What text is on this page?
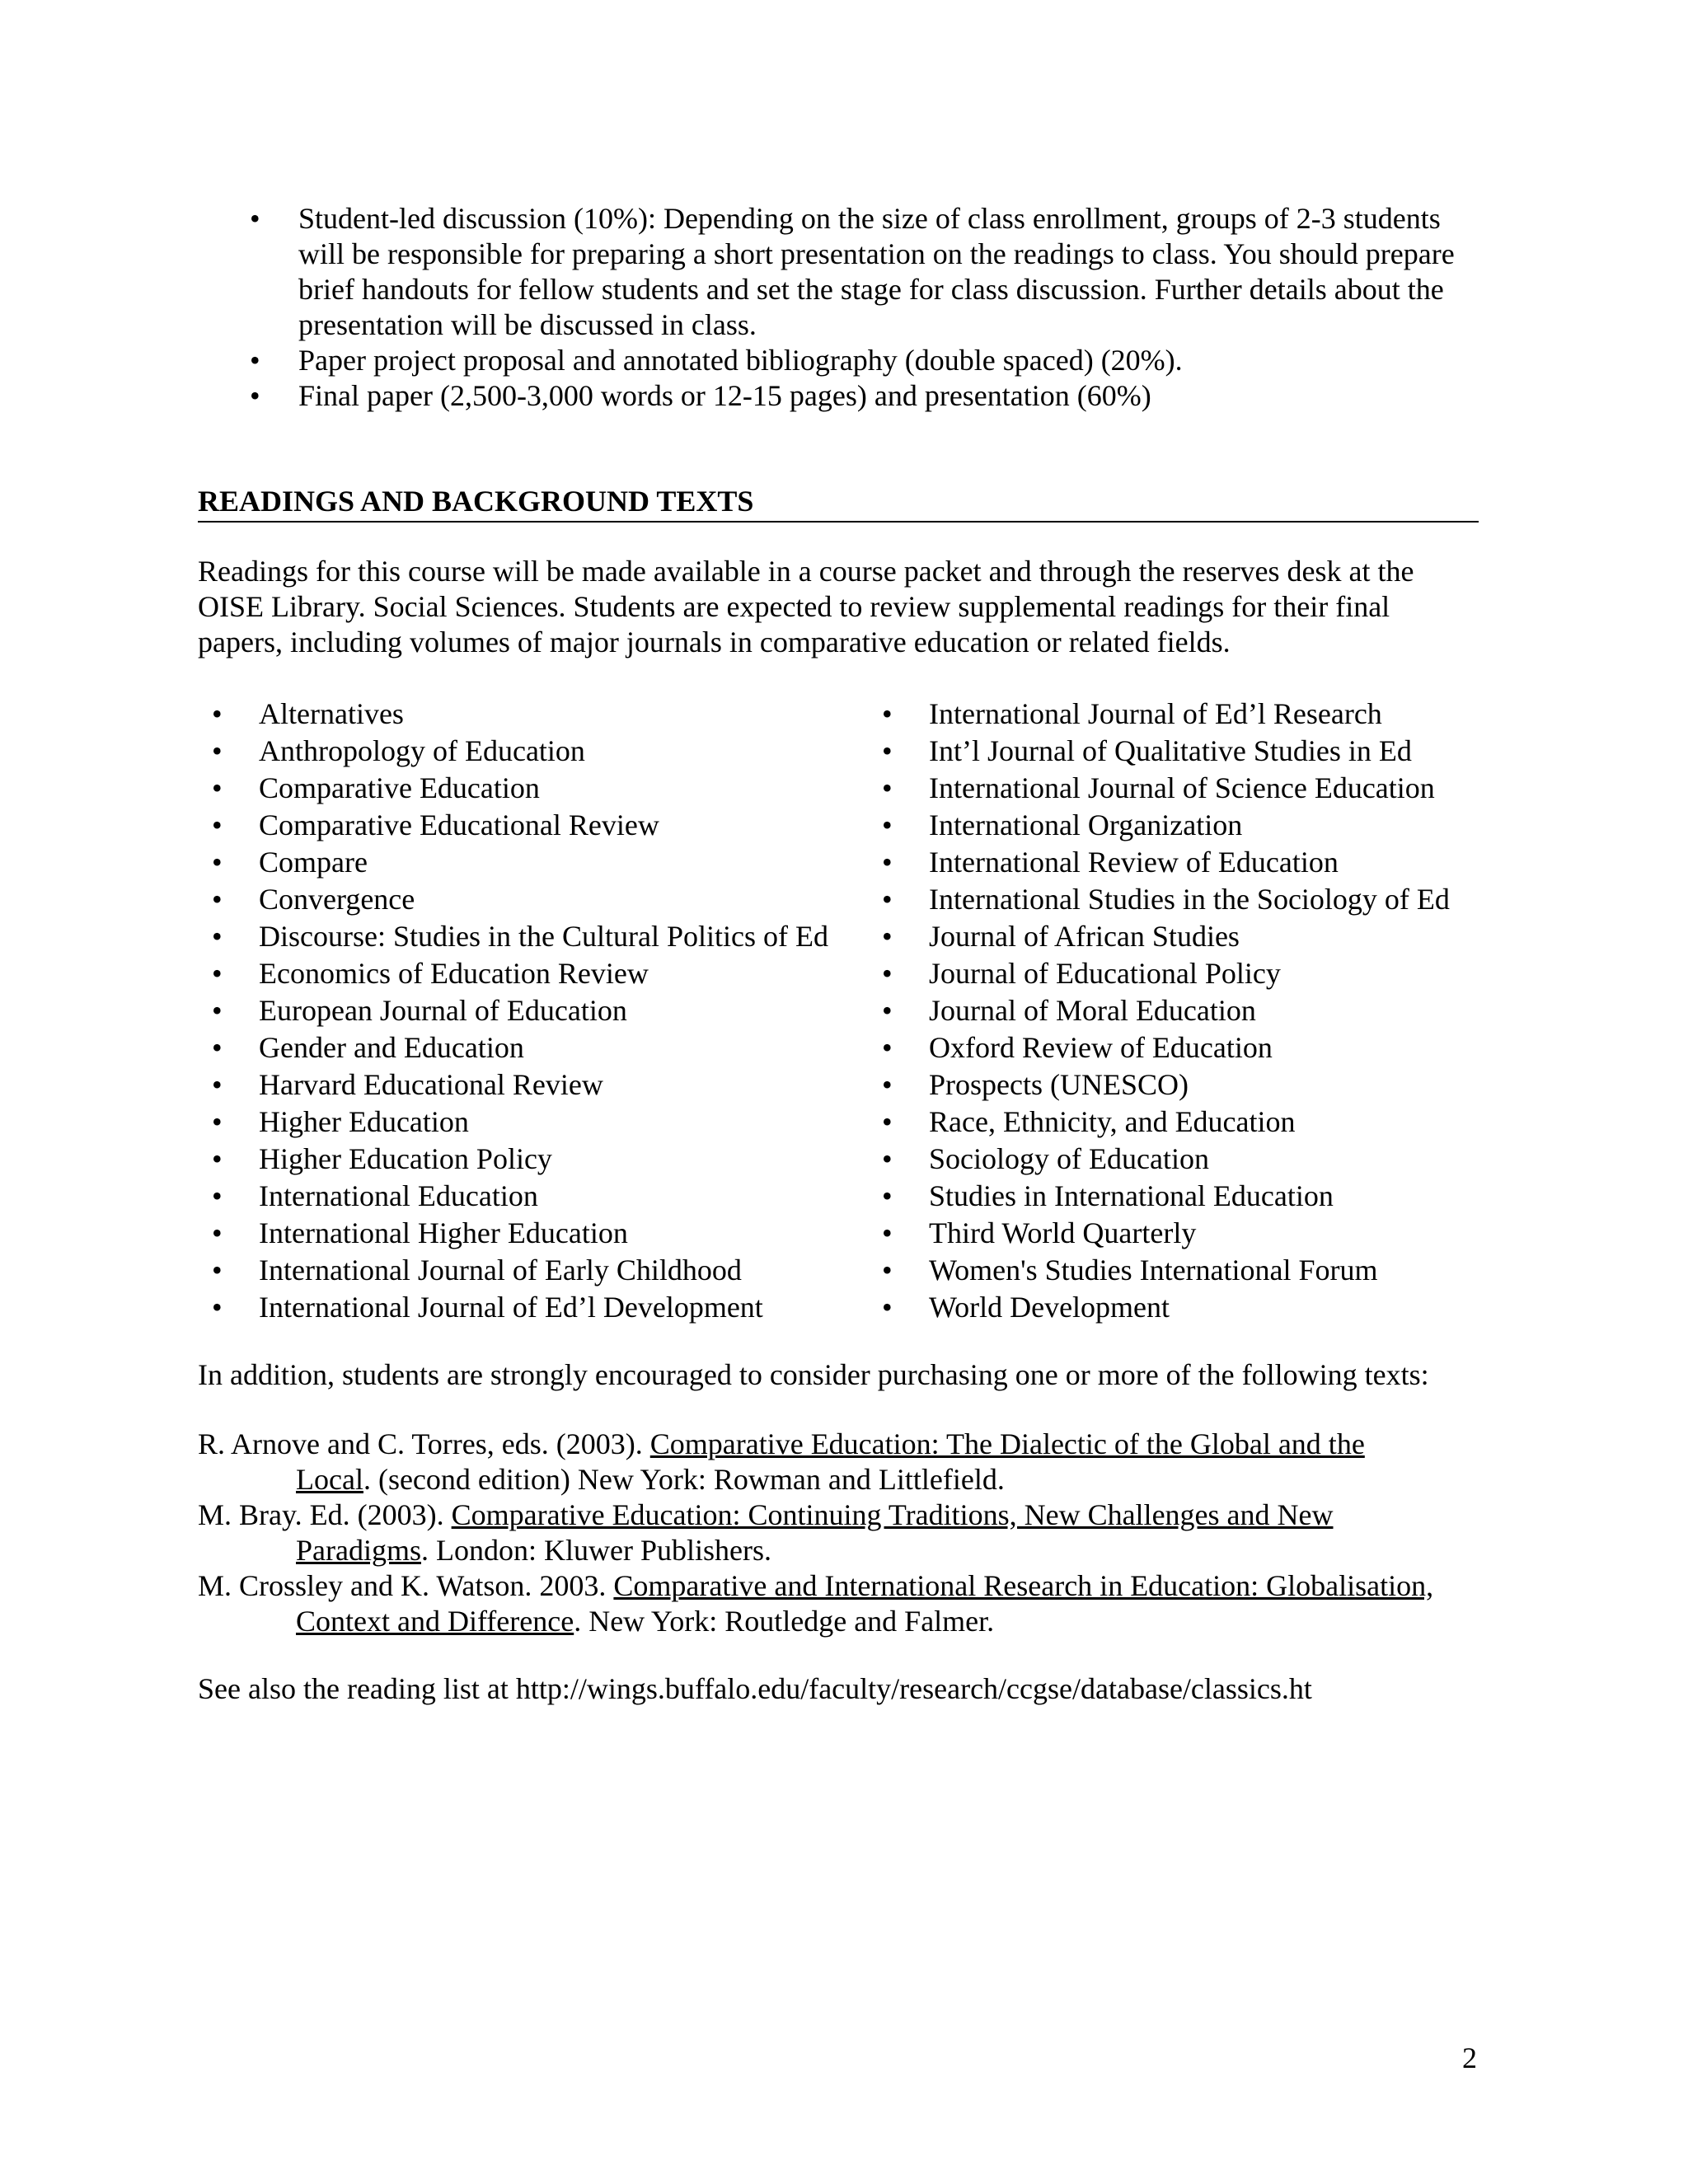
• Student-led discussion (10%): Depending on the size of class enrollment, groups of 2-3 students
will be responsible for preparing a short presentation on the readings to class. You should prepare
brief handouts for fellow students and set the stage for class discussion. Further details about the
presentation will be discussed in class.
• Paper project proposal and annotated bibliography (double spaced) (20%).
• Final paper (2,500-3,000 words or 12-15 pages) and presentation (60%)
READINGS AND BACKGROUND TEXTS
Readings for this course will be made available in a course packet and through the reserves desk at the
OISE Library. Social Sciences. Students are expected to review supplemental readings for their final
papers, including volumes of major journals in comparative education or related fields.
• Alternatives
• Anthropology of Education
• Comparative Education
• Comparative Educational Review
• Compare
• Convergence
• Discourse: Studies in the Cultural Politics of Ed
• Economics of Education Review
• European Journal of Education
• Gender and Education
• Harvard Educational Review
• Higher Education
• Higher Education Policy
• International Education
• International Higher Education
• International Journal of Early Childhood
• International Journal of Ed’l Development
• International Journal of Ed’l Research
• Int’l Journal of Qualitative Studies in Ed
• International Journal of Science Education
• International Organization
• International Review of Education
• International Studies in the Sociology of Ed
• Journal of African Studies
• Journal of Educational Policy
• Journal of Moral Education
• Oxford Review of Education
• Prospects (UNESCO)
• Race, Ethnicity, and Education
• Sociology of Education
• Studies in International Education
• Third World Quarterly
• Women's Studies International Forum
• World Development
In addition, students are strongly encouraged to consider purchasing one or more of the following texts:
R. Arnove and C. Torres, eds. (2003). Comparative Education: The Dialectic of the Global and the
Local. (second edition) New York: Rowman and Littlefield.
M. Bray. Ed. (2003). Comparative Education: Continuing Traditions, New Challenges and New
Paradigms. London: Kluwer Publishers.
M. Crossley and K. Watson. 2003. Comparative and International Research in Education: Globalisation,
Context and Difference. New York: Routledge and Falmer.
See also the reading list at http://wings.buffalo.edu/faculty/research/ccgse/database/classics.ht
2
